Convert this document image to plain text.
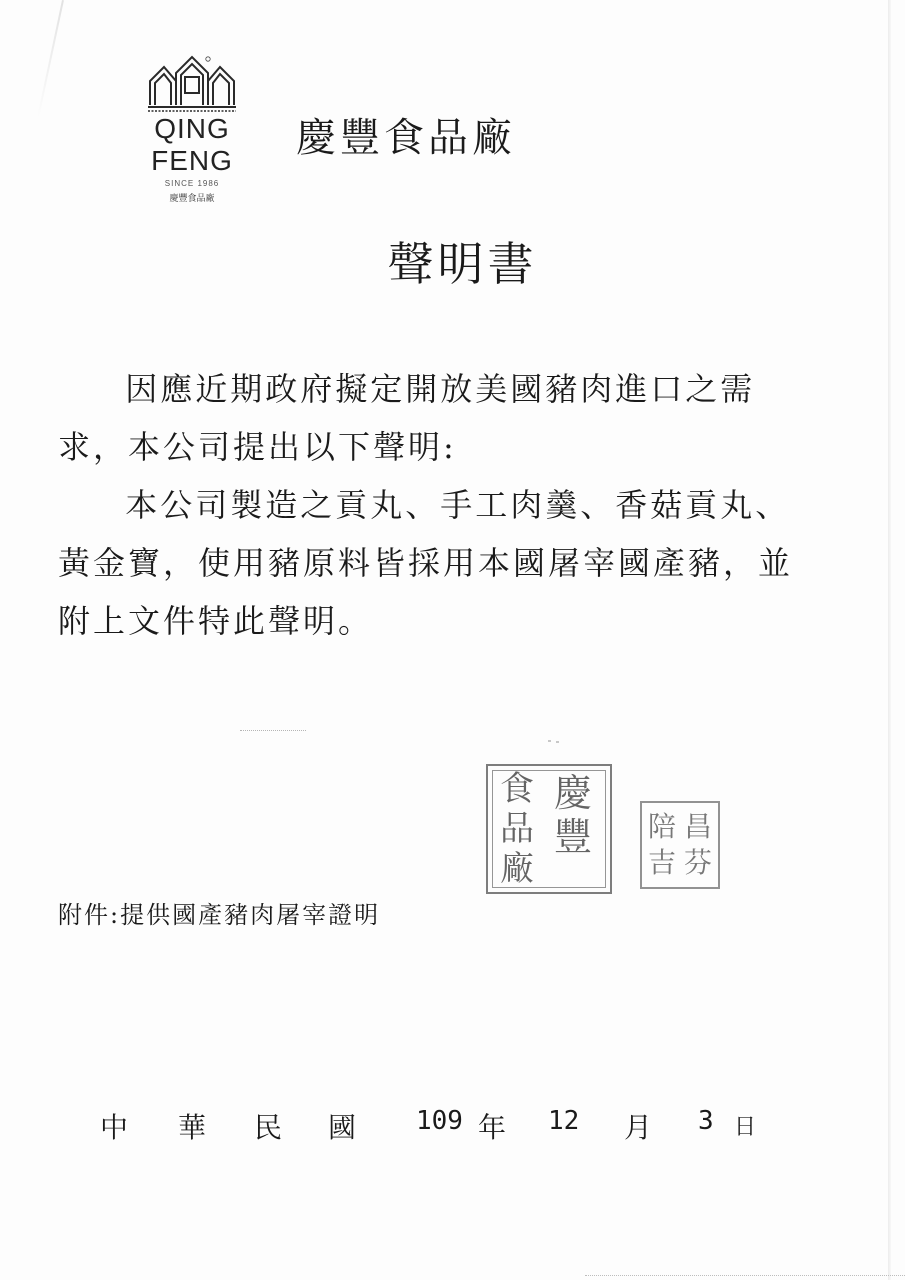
QING
FENG
SINCE 1986
慶豐食品廠
慶豐食品廠
聲明書

因應近期政府擬定開放美國豬肉進口之需求，本公司提出以下聲明:

本公司製造之貢丸、手工肉羹、香菇貢丸、黃金寶，使用豬原料皆採用本國屠宰國產豬，並附上文件特此聲明。

慶
豐
食
品
廠
陪 昌
吉 芬
附件:提供國產豬肉屠宰證明
中 華 民 國 109 年 12 月 3 日
